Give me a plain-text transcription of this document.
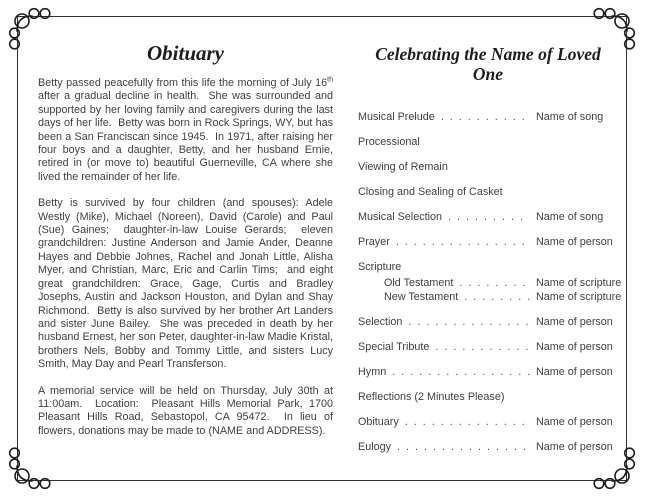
Obituary

Betty passed peacefully from this life the morning of July 16th after a gradual decline in health.  She was surrounded and supported by her loving family and caregivers during the last days of her life.  Betty was born in Rock Springs, WY, but has been a San Franciscan since 1945.  In 1971, after raising her four boys and a daughter, Betty, and her husband Ernie, retired in (or move to) beautiful Guerneville, CA where she lived the remainder of her life.

Betty is survived by four children (and spouses): Adele Westly (Mike), Michael (Noreen), David (Carole) and Paul (Sue) Gaines;  daughter-in-law Louise Gerards;  eleven grandchildren: Justine Anderson and Jamie Ander, Deanne Hayes and Debbie Johnes, Rachel and Jonah Little, Alisha Myer, and Christian, Marc, Eric and Carlin Tims;  and eight great grandchildren: Grace, Gage, Curtis and Bradley Josephs, Austin and Jackson Houston, and Dylan and Shay Richmond.  Betty is also survived by her brother Art Landers and sister June Bailey.  She was preceded in death by her husband Ernest, her son Peter, daughter-in-law Madie Kristal, brothers Nels, Bobby and Tommy Little, and sisters Lucy Smith, May Day and Pearl Transferson.

A memorial service will be held on Thursday, July 30th at 11:00am.  Location:  Pleasant Hills Memorial Park, 1700 Pleasant Hills Road, Sebastopol, CA 95472.  In lieu of flowers, donations may be made to (NAME and ADDRESS).

Celebrating the Name of Loved One
Musical Prelude . . .	Name of song
Processional
Viewing of Remain
Closing and Sealing of Casket
Musical Selection . . .	Name of song
Prayer . . .	Name of person
Scripture
Old Testament . . .	Name of scripture
New Testament . . .	Name of scripture
Selection . . .	Name of person
Special Tribute . . .	Name of person
Hymn . . .	Name of person
Reflections (2 Minutes Please)
Obituary . . .	Name of person
Eulogy . . .	Name of person
